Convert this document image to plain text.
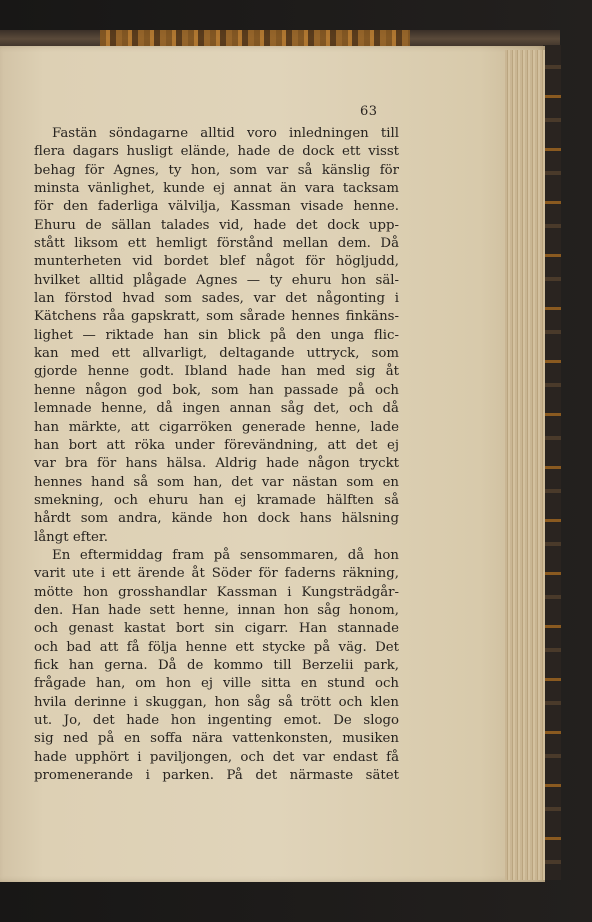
63
Fastän söndagarne alltid voro inledningen till
flera dagars husligt elände, hade de dock ett visst
behag för Agnes, ty hon, som var så känslig för
minsta vänlighet, kunde ej annat än vara tacksam
för den faderliga välvilja, Kassman visade henne.
Ehuru de sällan talades vid, hade det dock upp-
stått liksom ett hemligt förstånd mellan dem. Då
munterheten vid bordet blef något för högljudd,
hvilket alltid plågade Agnes — ty ehuru hon säl-
lan förstod hvad som sades, var det någonting i
Kätchens råa gapskratt, som sårade hennes finkäns-
lighet — riktade han sin blick på den unga flic-
kan med ett allvarligt, deltagande uttryck, som
gjorde henne godt. Ibland hade han med sig åt
henne någon god bok, som han passade på och
lemnade henne, då ingen annan såg det, och då
han märkte, att cigarröken generade henne, lade
han bort att röka under förevändning, att det ej
var bra för hans hälsa. Aldrig hade någon tryckt
hennes hand så som han, det var nästan som en
smekning, och ehuru han ej kramade hälften så
hårdt som andra, kände hon dock hans hälsning
långt efter.
En eftermiddag fram på sensommaren, då hon
varit ute i ett ärende åt Söder för faderns räkning,
mötte hon grosshandlar Kassman i Kungsträdgår-
den. Han hade sett henne, innan hon såg honom,
och genast kastat bort sin cigarr. Han stannade
och bad att få följa henne ett stycke på väg. Det
fick han gerna. Då de kommo till Berzelii park,
frågade han, om hon ej ville sitta en stund och
hvila derinne i skuggan, hon såg så trött och klen
ut. Jo, det hade hon ingenting emot. De slogo
sig ned på en soffa nära vattenkonsten, musiken
hade upphört i paviljongen, och det var endast få
promenerande i parken. På det närmaste sätet
